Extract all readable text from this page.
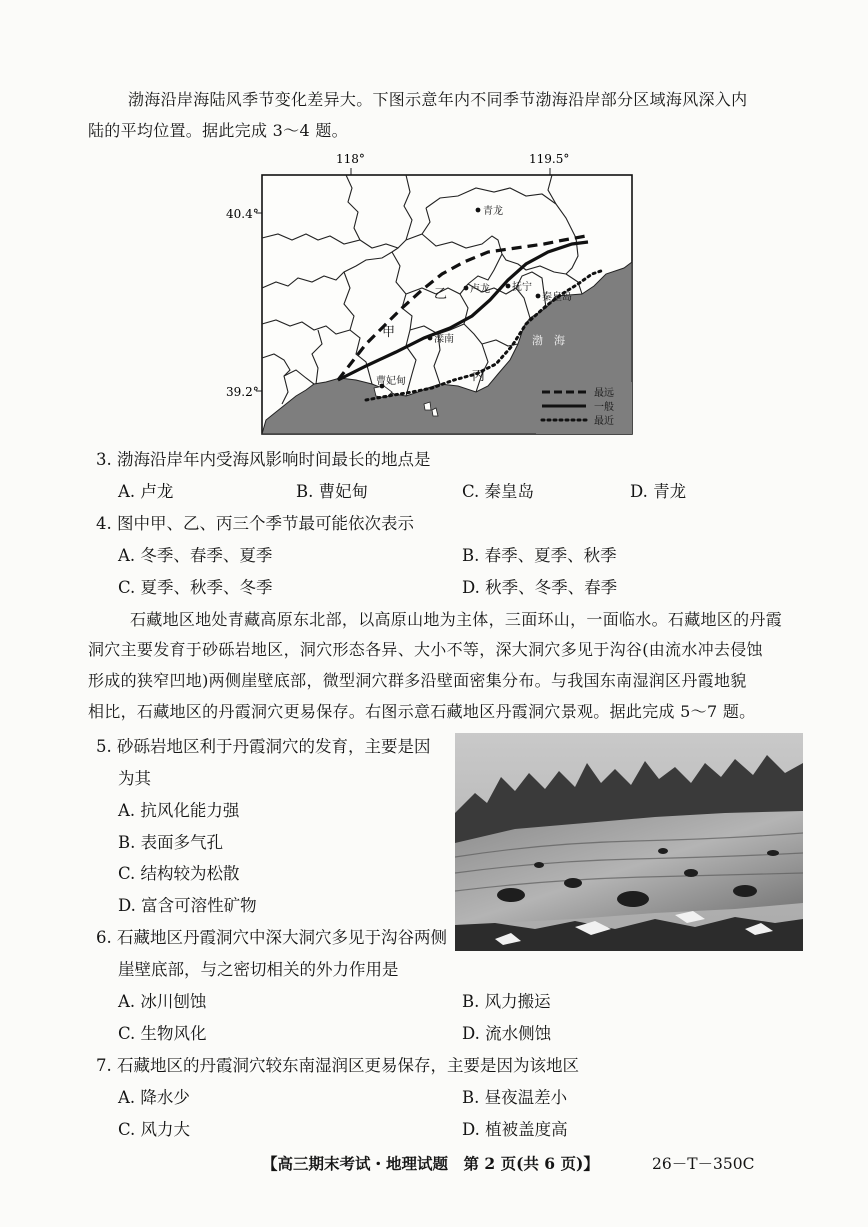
渤海沿岸海陆风季节变化差异大。下图示意年内不同季节渤海沿岸部分区域海风深入内
陆的平均位置。据此完成 3～4 题。
118°	119.5°
40.4°
39.2°
青龙
卢龙 抚宁
秦皇岛
滦南
曹妃甸
渤　海
甲
乙
丙
最远
一般
最近
3. 渤海沿岸年内受海风影响时间最长的地点是
A. 卢龙	B. 曹妃甸	C. 秦皇岛	D. 青龙
4. 图中甲、乙、丙三个季节最可能依次表示
A. 冬季、春季、夏季	B. 春季、夏季、秋季
C. 夏季、秋季、冬季	D. 秋季、冬季、春季
石藏地区地处青藏高原东北部，以高原山地为主体，三面环山，一面临水。石藏地区的丹霞
洞穴主要发育于砂砾岩地区，洞穴形态各异、大小不等，深大洞穴多见于沟谷(由流水冲去侵蚀
形成的狭窄凹地)两侧崖壁底部，微型洞穴群多沿壁面密集分布。与我国东南湿润区丹霞地貌
相比，石藏地区的丹霞洞穴更易保存。右图示意石藏地区丹霞洞穴景观。据此完成 5～7 题。
5. 砂砾岩地区利于丹霞洞穴的发育，主要是因
为其
A. 抗风化能力强
B. 表面多气孔
C. 结构较为松散
D. 富含可溶性矿物
6. 石藏地区丹霞洞穴中深大洞穴多见于沟谷两侧
崖壁底部，与之密切相关的外力作用是
A. 冰川刨蚀	B. 风力搬运
C. 生物风化	D. 流水侧蚀
7. 石藏地区的丹霞洞穴较东南湿润区更易保存，主要是因为该地区
A. 降水少	B. 昼夜温差小
C. 风力大	D. 植被盖度高
【高三期末考试・地理试题　第 2 页(共 6 页)】	26－T－350C
